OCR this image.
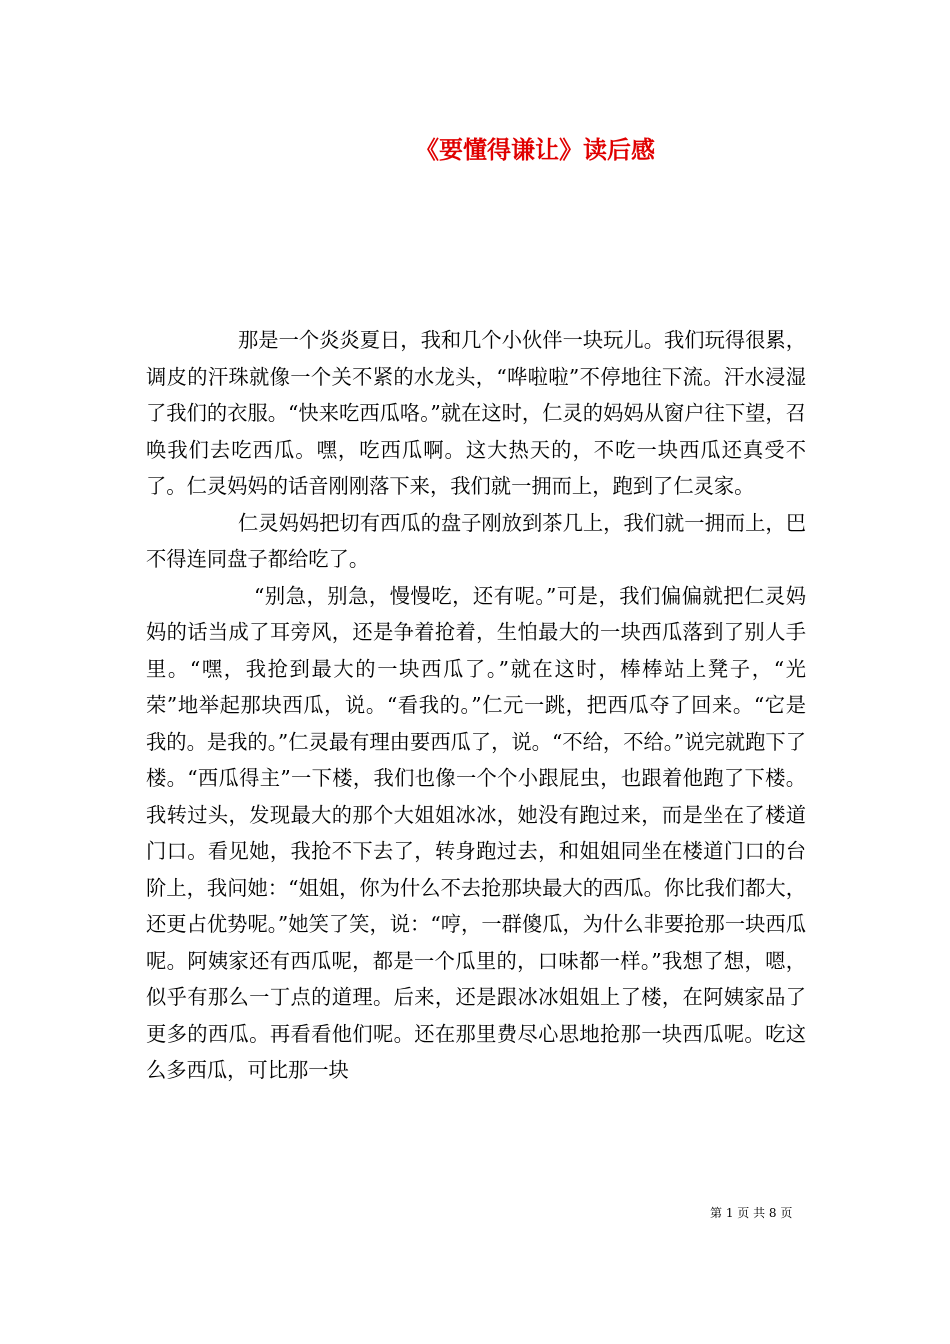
《要懂得谦让》读后感

那是一个炎炎夏日，我和几个小伙伴一块玩儿。我们玩得很累，调皮的汗珠就像一个关不紧的水龙头，“哗啦啦”不停地往下流。汗水浸湿了我们的衣服。“快来吃西瓜咯。”就在这时，仁灵的妈妈从窗户往下望，召唤我们去吃西瓜。嘿，吃西瓜啊。这大热天的，不吃一块西瓜还真受不了。仁灵妈妈的话音刚刚落下来，我们就一拥而上，跑到了仁灵家。

仁灵妈妈把切有西瓜的盘子刚放到茶几上，我们就一拥而上，巴不得连同盘子都给吃了。

“别急，别急，慢慢吃，还有呢。”可是，我们偏偏就把仁灵妈妈的话当成了耳旁风，还是争着抢着，生怕最大的一块西瓜落到了别人手里。“嘿，我抢到最大的一块西瓜了。”就在这时，棒棒站上凳子，“光荣”地举起那块西瓜，说。“看我的。”仁元一跳，把西瓜夺了回来。“它是我的。是我的。”仁灵最有理由要西瓜了，说。“不给，不给。”说完就跑下了楼。“西瓜得主”一下楼，我们也像一个个小跟屁虫，也跟着他跑了下楼。我转过头，发现最大的那个大姐姐冰冰，她没有跑过来，而是坐在了楼道门口。看见她，我抢不下去了，转身跑过去，和姐姐同坐在楼道门口的台阶上，我问她：“姐姐，你为什么不去抢那块最大的西瓜。你比我们都大，还更占优势呢。”她笑了笑，说：“哼，一群傻瓜，为什么非要抢那一块西瓜呢。阿姨家还有西瓜呢，都是一个瓜里的，口味都一样。”我想了想，嗯，似乎有那么一丁点的道理。后来，还是跟冰冰姐姐上了楼，在阿姨家品了更多的西瓜。再看看他们呢。还在那里费尽心思地抢那一块西瓜呢。吃这么多西瓜，可比那一块

第 1 页 共 8 页
